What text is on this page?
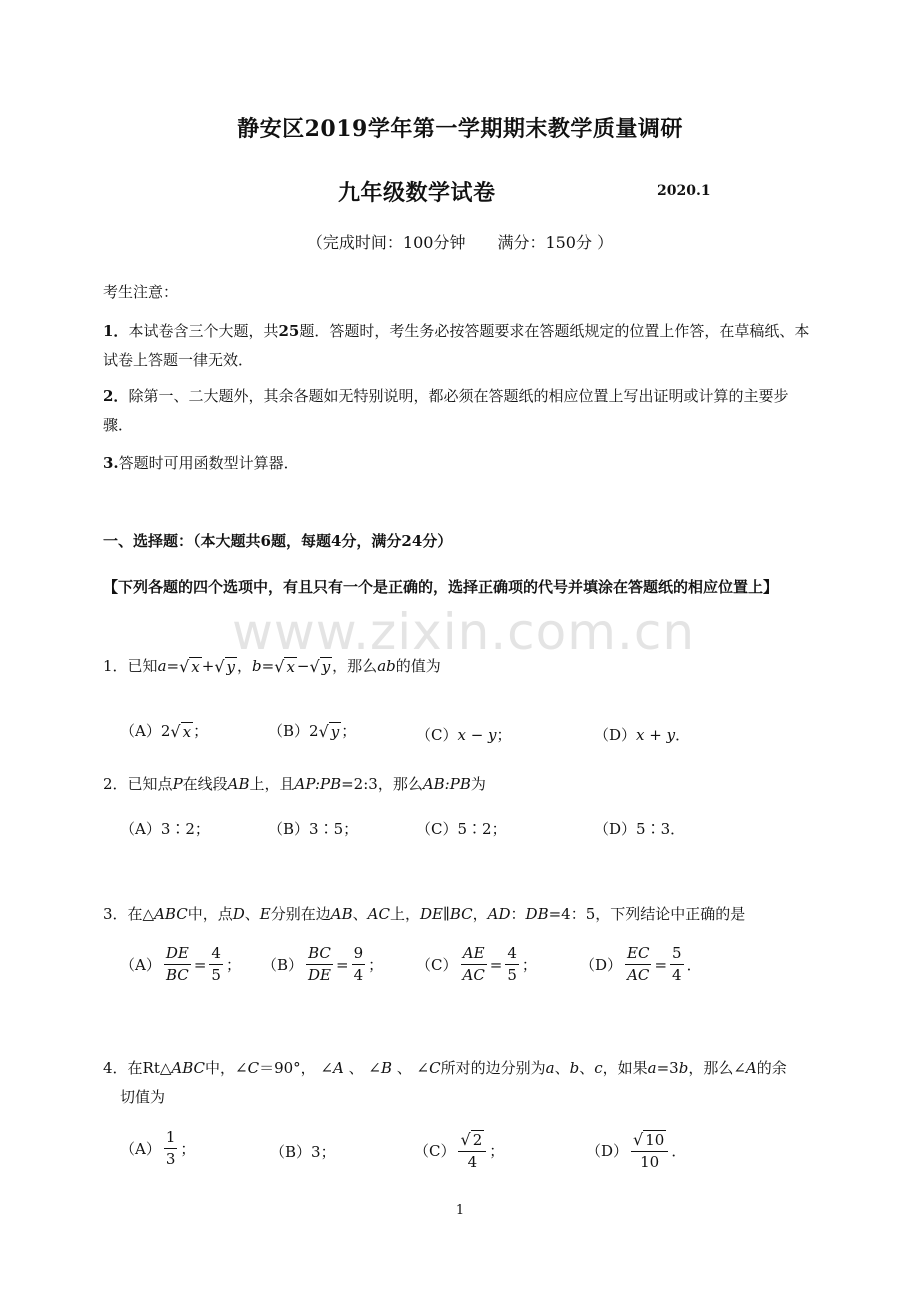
静安区2019学年第一学期期末教学质量调研
九年级数学试卷	2020.1
（完成时间：100分钟　　满分：150分 ）
考生注意：
1．本试卷含三个大题，共25题．答题时，考生务必按答题要求在答题纸规定的位置上作答，在草稿纸、本试卷上答题一律无效．
2．除第一、二大题外，其余各题如无特别说明，都必须在答题纸的相应位置上写出证明或计算的主要步骤．
3.答题时可用函数型计算器．
一、选择题：（本大题共6题，每题4分，满分24分）
【下列各题的四个选项中，有且只有一个是正确的，选择正确项的代号并填涂在答题纸的相应位置上】
www.zixin.com.cn
1． 已知 a = √ x + √ y ， b = √ x − √ y ，那么 ab 的值为
（A） 2 √ x ；	（B） 2 √ y ；	（C） x − y ；	（D） x + y ．
2．已知点P在线段AB上，且AP:PB=2:3，那么AB:PB为
（A）3∶2；	（B）3∶5；	（C）5∶2；	（D）5∶3．
3．在△ABC中，点D、E分别在边AB、AC上，DE∥BC，AD：DB=4：5，下列结论中正确的是
$(A) \frac{DE}{BC} = \frac{4}{5}$ ； $(B) \frac{BC}{DE} = \frac{9}{4}$ ； $(C) \frac{AE}{AC} = \frac{4}{5}$ ；	$(D) \frac{EC}{AC} = \frac{5}{4}$ ．
4．在Rt△ABC中，∠C＝90°， ∠A 、 ∠B 、 ∠C所对的边分别为a、b、c，如果a=3b，那么∠A的余
切值为
$(A) \frac{1}{3}$ ；	（B）3；	$(C) \frac{√ 2}{4}$ ；	$(D) \frac{√ 10}{10}$ ．
1
